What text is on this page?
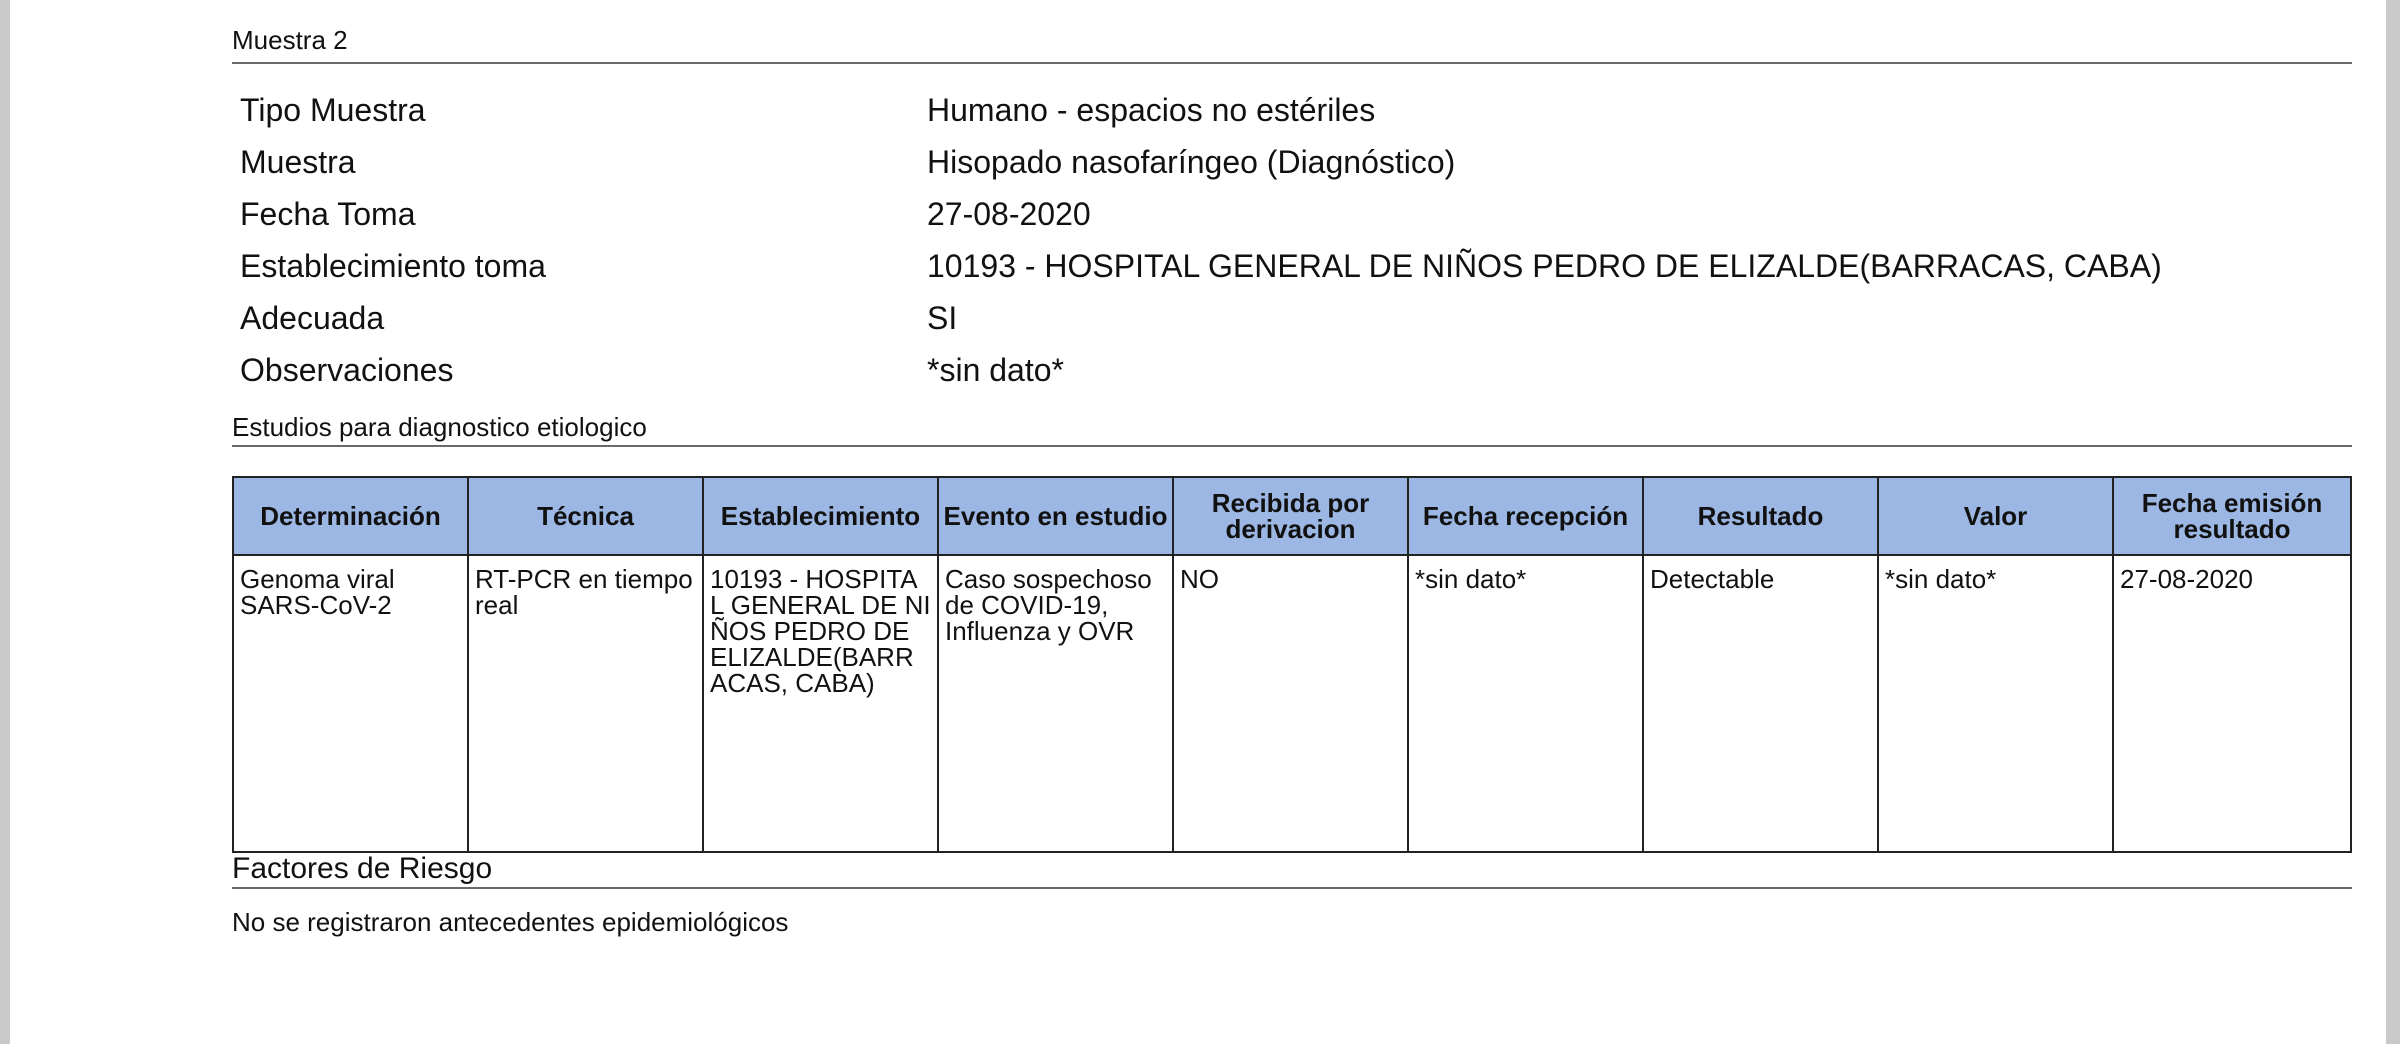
Muestra 2
Tipo Muestra	Humano - espacios no estériles
Muestra	Hisopado nasofaríngeo (Diagnóstico)
Fecha Toma	27-08-2020
Establecimiento toma	10193 - HOSPITAL GENERAL DE NIÑOS PEDRO DE ELIZALDE(BARRACAS, CABA)
Adecuada	SI
Observaciones	*sin dato*
Estudios para diagnostico etiologico
Determinación	Técnica	Establecimiento	Evento en estudio	Recibida por derivacion	Fecha recepción	Resultado	Valor	Fecha emisión resultado
Genoma viral SARS-CoV-2	RT-PCR en tiempo real	10193 - HOSPITAL GENERAL DE NIÑOS PEDRO DE ELIZALDE(BARRACAS, CABA)	Caso sospechoso de COVID-19, Influenza y OVR	NO	*sin dato*	Detectable	*sin dato*	27-08-2020
Factores de Riesgo
No se registraron antecedentes epidemiológicos
